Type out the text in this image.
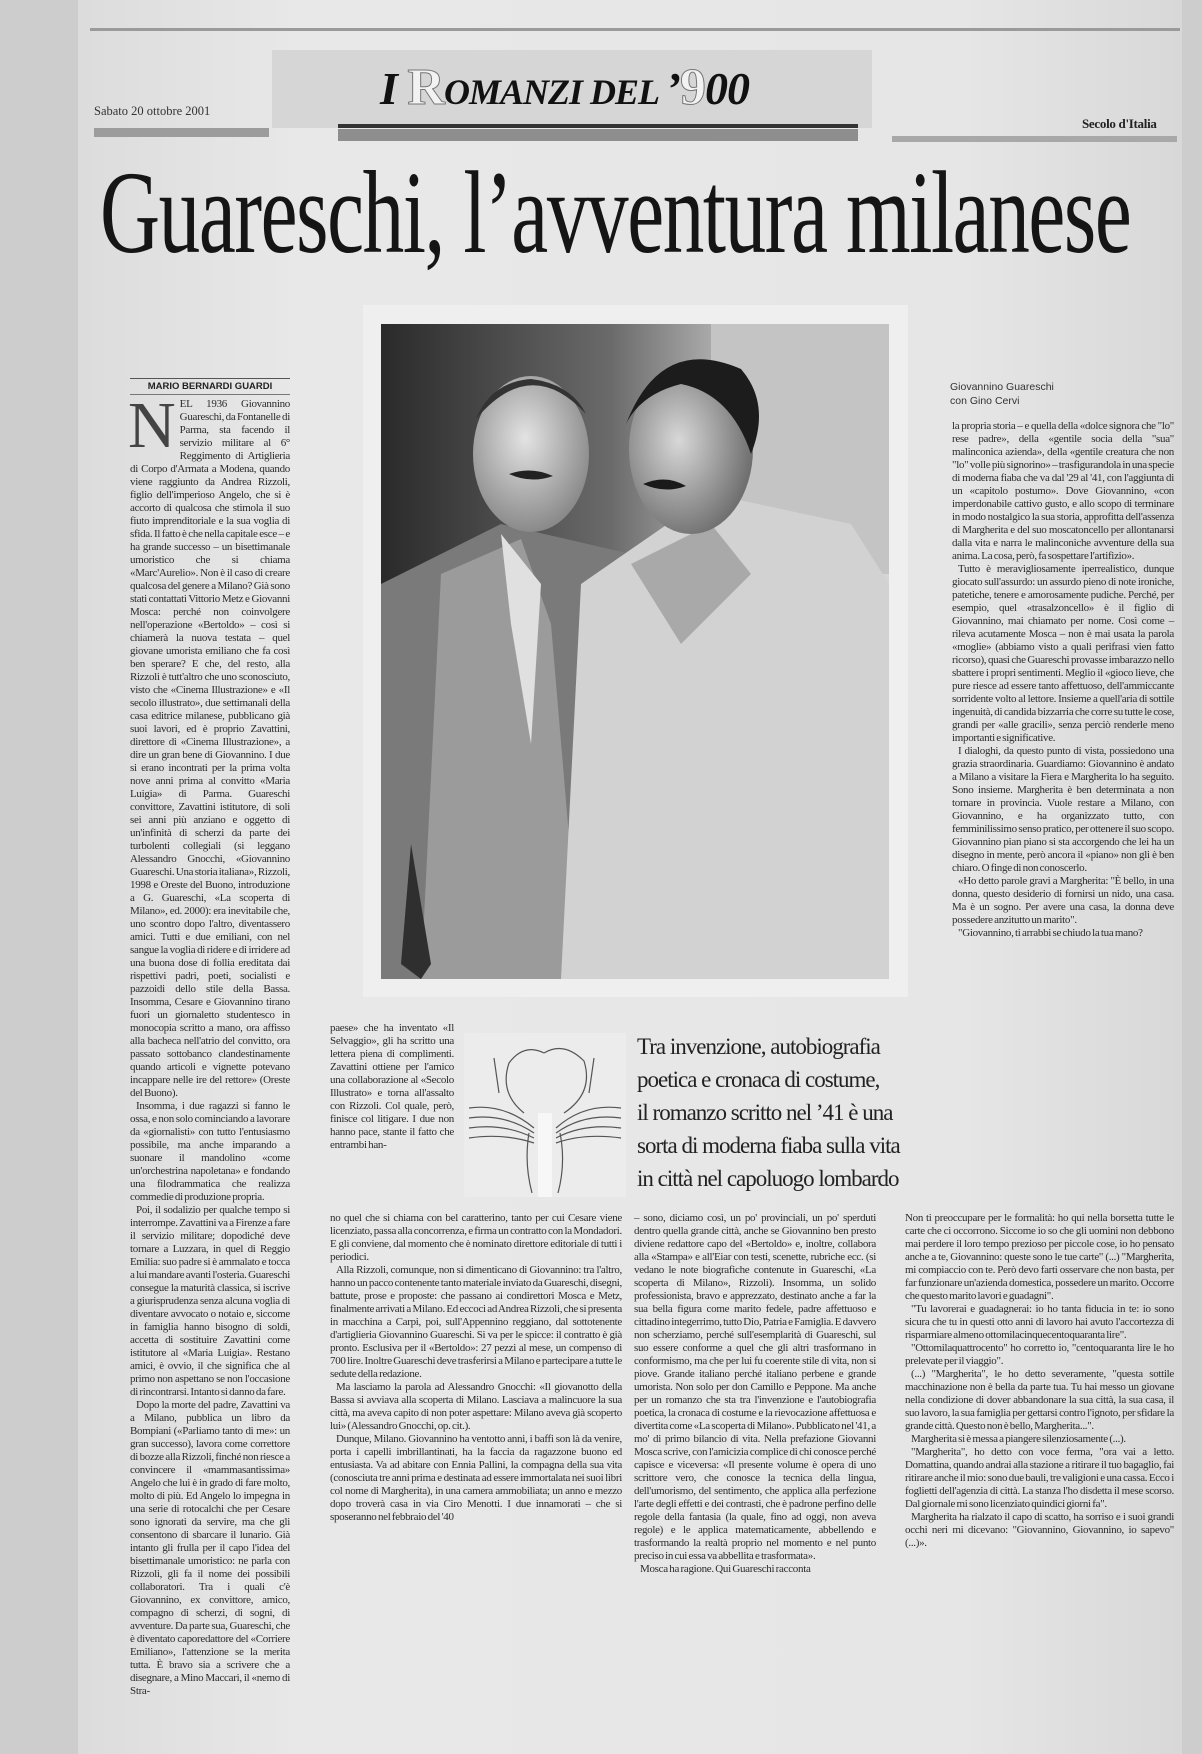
I ROMANZI DEL ’900
Sabato 20 ottobre 2001
Secolo d'Italia
Guareschi, l’avventura milanese
MARIO BERNARDI GUARDI

NEL 1936 Giovannino Guareschi, da Fontanelle di Parma, sta facendo il servizio militare al 6° Reggimento di Artiglieria di Corpo d'Armata a Modena, quando viene raggiunto da Andrea Rizzoli, figlio dell'imperioso Angelo, che si è accorto di qualcosa che stimola il suo fiuto imprenditoriale e la sua voglia di sfida. Il fatto è che nella capitale esce – e ha grande successo – un bisettimanale umoristico che si chiama «Marc'Aurelio». Non è il caso di creare qualcosa del genere a Milano? Già sono stati contattati Vittorio Metz e Giovanni Mosca: perché non coinvolgere nell'operazione «Bertoldo» – così si chiamerà la nuova testata – quel giovane umorista emiliano che fa così ben sperare? E che, del resto, alla Rizzoli è tutt'altro che uno sconosciuto, visto che «Cinema Illustrazione» e «Il secolo illustrato», due settimanali della casa editrice milanese, pubblicano già suoi lavori, ed è proprio Zavattini, direttore di «Cinema Illustrazione», a dire un gran bene di Giovannino. I due si erano incontrati per la prima volta nove anni prima al convitto «Maria Luigia» di Parma. Guareschi convittore, Zavattini istitutore, di soli sei anni più anziano e oggetto di un'infinità di scherzi da parte dei turbolenti collegiali (si leggano Alessandro Gnocchi, «Giovannino Guareschi. Una storia italiana», Rizzoli, 1998 e Oreste del Buono, introduzione a G. Guareschi, «La scoperta di Milano», ed. 2000): era inevitabile che, uno scontro dopo l'altro, diventassero amici. Tutti e due emiliani, con nel sangue la voglia di ridere e di irridere ad una buona dose di follia ereditata dai rispettivi padri, poeti, socialisti e pazzoidi dello stile della Bassa. Insomma, Cesare e Giovannino tirano fuori un giornaletto studentesco in monocopia scritto a mano, ora affisso alla bacheca nell'atrio del convitto, ora passato sottobanco clandestinamente quando articoli e vignette potevano incappare nelle ire del rettore» (Oreste del Buono).

Insomma, i due ragazzi si fanno le ossa, e non solo cominciando a lavorare da «giornalisti» con tutto l'entusiasmo possibile, ma anche imparando a suonare il mandolino «come un'orchestrina napoletana» e fondando una filodrammatica che realizza commedie di produzione propria.

Poi, il sodalizio per qualche tempo si interrompe. Zavattini va a Firenze a fare il servizio militare; dopodiché deve tornare a Luzzara, in quel di Reggio Emilia: suo padre si è ammalato e tocca a lui mandare avanti l'osteria. Guareschi consegue la maturità classica, si iscrive a giurisprudenza senza alcuna voglia di diventare avvocato o notaio e, siccome in famiglia hanno bisogno di soldi, accetta di sostituire Zavattini come istitutore al «Maria Luigia». Restano amici, è ovvio, il che significa che al primo non aspettano se non l'occasione di rincontrarsi. Intanto si danno da fare.

Dopo la morte del padre, Zavattini va a Milano, pubblica un libro da Bompiani («Parliamo tanto di me»: un gran successo), lavora come correttore di bozze alla Rizzoli, finché non riesce a convincere il «mammasantissima» Angelo che lui è in grado di fare molto, molto di più. Ed Angelo lo impegna in una serie di rotocalchi che per Cesare sono ignorati da servire, ma che gli consentono di sbarcare il lunario. Già intanto gli frulla per il capo l'idea del bisettimanale umoristico: ne parla con Rizzoli, gli fa il nome dei possibili collaboratori. Tra i quali c'è Giovannino, ex convittore, amico, compagno di scherzi, di sogni, di avventure. Da parte sua, Guareschi, che è diventato caporedattore del «Corriere Emiliano», l'attenzione se la merita tutta. È bravo sia a scrivere che a disegnare, a Mino Maccari, il «nemo di Stra-

Giovannino Guareschi
con Gino Cervi

la propria storia – e quella della «dolce signora che "lo" rese padre», della «gentile socia della "sua" malinconica azienda», della «gentile creatura che non "lo" volle più signorino» – trasfigurandola in una specie di moderna fiaba che va dal '29 al '41, con l'aggiunta di un «capitolo postumo». Dove Giovannino, «con imperdonabile cattivo gusto, e allo scopo di terminare in modo nostalgico la sua storia, approfitta dell'assenza di Margherita e del suo moscatoncello per allontanarsi dalla vita e narra le malinconiche avventure della sua anima. La cosa, però, fa sospettare l'artifizio».

Tutto è meravigliosamente iperrealistico, dunque giocato sull'assurdo: un assurdo pieno di note ironiche, patetiche, tenere e amorosamente pudiche. Perché, per esempio, quel «trasalzoncello» è il figlio di Giovannino, mai chiamato per nome. Così come – rileva acutamente Mosca – non è mai usata la parola «moglie» (abbiamo visto a quali perifrasi vien fatto ricorso), quasi che Guareschi provasse imbarazzo nello sbattere i propri sentimenti. Meglio il «gioco lieve, che pure riesce ad essere tanto affettuoso, dell'ammiccante sorridente volto al lettore. Insieme a quell'aria di sottile ingenuità, di candida bizzarria che corre su tutte le cose, grandi per «alle gracili», senza perciò renderle meno importanti e significative.

I dialoghi, da questo punto di vista, possiedono una grazia straordinaria. Guardiamo: Giovannino è andato a Milano a visitare la Fiera e Margherita lo ha seguito. Sono insieme. Margherita è ben determinata a non tornare in provincia. Vuole restare a Milano, con Giovannino, e ha organizzato tutto, con femminilissimo senso pratico, per ottenere il suo scopo. Giovannino pian piano si sta accorgendo che lei ha un disegno in mente, però ancora il «piano» non gli è ben chiaro. O finge di non conoscerlo.

«Ho detto parole gravi a Margherita: "È bello, in una donna, questo desiderio di fornirsi un nido, una casa. Ma è un sogno. Per avere una casa, la donna deve possedere anzitutto un marito".

"Giovannino, ti arrabbi se chiudo la tua mano?

paese» che ha inventato «Il Selvaggio», gli ha scritto una lettera piena di complimenti. Zavattini ottiene per l'amico una collaborazione al «Secolo Illustrato» e torna all'assalto con Rizzoli. Col quale, però, finisce col litigare. I due non hanno pace, stante il fatto che entrambi han-

Tra invenzione, autobiografia
poetica e cronaca di costume,
il romanzo scritto nel ’41 è una
sorta di moderna fiaba sulla vita
in città nel capoluogo lombardo

no quel che si chiama con bel caratterino, tanto per cui Cesare viene licenziato, passa alla concorrenza, e firma un contratto con la Mondadori. E gli conviene, dal momento che è nominato direttore editoriale di tutti i periodici.

Alla Rizzoli, comunque, non si dimenticano di Giovannino: tra l'altro, hanno un pacco contenente tanto materiale inviato da Guareschi, disegni, battute, prose e proposte: che passano ai condirettori Mosca e Metz, finalmente arrivati a Milano. Ed eccoci ad Andrea Rizzoli, che si presenta in macchina a Carpi, poi, sull'Appennino reggiano, dal sottotenente d'artiglieria Giovannino Guareschi. Si va per le spicce: il contratto è già pronto. Esclusiva per il «Bertoldo»: 27 pezzi al mese, un compenso di 700 lire. Inoltre Guareschi deve trasferirsi a Milano e partecipare a tutte le sedute della redazione.

Ma lasciamo la parola ad Alessandro Gnocchi: «Il giovanotto della Bassa si avviava alla scoperta di Milano. Lasciava a malincuore la sua città, ma aveva capito di non poter aspettare: Milano aveva già scoperto lui» (Alessandro Gnocchi, op. cit.).

Dunque, Milano. Giovannino ha ventotto anni, i baffi son là da venire, porta i capelli imbrillantinati, ha la faccia da ragazzone buono ed entusiasta. Va ad abitare con Ennia Pallini, la compagna della sua vita (conosciuta tre anni prima e destinata ad essere immortalata nei suoi libri col nome di Margherita), in una camera ammobiliata; un anno e mezzo dopo troverà casa in via Ciro Menotti. I due innamorati – che si sposeranno nel febbraio del '40

– sono, diciamo così, un po' provinciali, un po' sperduti dentro quella grande città, anche se Giovannino ben presto diviene redattore capo del «Bertoldo» e, inoltre, collabora alla «Stampa» e all'Eiar con testi, scenette, rubriche ecc. (si vedano le note biografiche contenute in Guareschi, «La scoperta di Milano», Rizzoli). Insomma, un solido professionista, bravo e apprezzato, destinato anche a far la sua bella figura come marito fedele, padre affettuoso e cittadino integerrimo, tutto Dio, Patria e Famiglia. E davvero non scherziamo, perché sull'esemplarità di Guareschi, sul suo essere conforme a quel che gli altri trasformano in conformismo, ma che per lui fu coerente stile di vita, non si piove. Grande italiano perché italiano perbene e grande umorista. Non solo per don Camillo e Peppone. Ma anche per un romanzo che sta tra l'invenzione e l'autobiografia poetica, la cronaca di costume e la rievocazione affettuosa e divertita come «La scoperta di Milano». Pubblicato nel '41, a mo' di primo bilancio di vita. Nella prefazione Giovanni Mosca scrive, con l'amicizia complice di chi conosce perché capisce e viceversa: «Il presente volume è opera di uno scrittore vero, che conosce la tecnica della lingua, dell'umorismo, del sentimento, che applica alla perfezione l'arte degli effetti e dei contrasti, che è padrone perfino delle regole della fantasia (la quale, fino ad oggi, non aveva regole) e le applica matematicamente, abbellendo e trasformando la realtà proprio nel momento e nel punto preciso in cui essa va abbellita e trasformata».

Mosca ha ragione. Qui Guareschi racconta

Non ti preoccupare per le formalità: ho qui nella borsetta tutte le carte che ci occorrono. Siccome io so che gli uomini non debbono mai perdere il loro tempo prezioso per piccole cose, io ho pensato anche a te, Giovannino: queste sono le tue carte" (...) "Margherita, mi compiaccio con te. Però devo farti osservare che non basta, per far funzionare un'azienda domestica, possedere un marito. Occorre che questo marito lavori e guadagni".

"Tu lavorerai e guadagnerai: io ho tanta fiducia in te: io sono sicura che tu in questi otto anni di lavoro hai avuto l'accortezza di risparmiare almeno ottomilacinquecentoquaranta lire".

"Ottomilaquattrocento" ho corretto io, "centoquaranta lire le ho prelevate per il viaggio".

(...) "Margherita", le ho detto severamente, "questa sottile macchinazione non è bella da parte tua. Tu hai messo un giovane nella condizione di dover abbandonare la sua città, la sua casa, il suo lavoro, la sua famiglia per gettarsi contro l'ignoto, per sfidare la grande città. Questo non è bello, Margherita...".

Margherita si è messa a piangere silenziosamente (...).

"Margherita", ho detto con voce ferma, "ora vai a letto. Domattina, quando andrai alla stazione a ritirare il tuo bagaglio, fai ritirare anche il mio: sono due bauli, tre valigioni e una cassa. Ecco i foglietti dell'agenzia di città. La stanza l'ho disdetta il mese scorso. Dal giornale mi sono licenziato quindici giorni fa".

Margherita ha rialzato il capo di scatto, ha sorriso e i suoi grandi occhi neri mi dicevano: "Giovannino, Giovannino, io sapevo" (...)».
